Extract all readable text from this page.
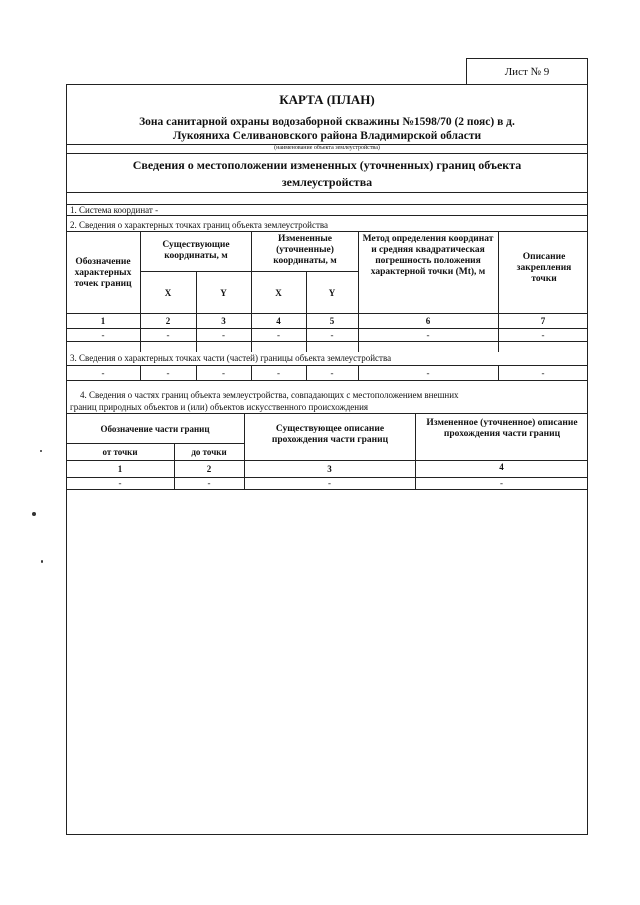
Лист № 9
КАРТА (ПЛАН)
Зона санитарной охраны водозаборной скважины №1598/70 (2 пояс) в д.
Лукояниха Селивановского района Владимирской области
(наименование объекта землеустройства)
Сведения о местоположении измененных (уточненных) границ объекта
землеустройства
1. Система координат -
2. Сведения о характерных точках границ объекта землеустройства
Обозначение характерных точек границ
Существующие координаты, м
Измененные (уточненные) координаты, м
Метод определения координат и средняя квадратическая погрешность положения характерной точки (Mt), м
Описание закрепления точки
X	Y	X	Y
1	2	3	4	5	6	7
-	-	-	-	-	-	-
3. Сведения о характерных точках части (частей) границы объекта землеустройства
-	-	-	-	-	-	-
4. Сведения о частях границ объекта землеустройства, совпадающих с местоположением внешних
границ природных объектов и (или) объектов искусственного происхождения
Обозначение части границ
от точки	до точки
Существующее описание прохождения части границ
Измененное (уточненное) описание прохождения части границ
1	2	3	4
-	-	-	-
